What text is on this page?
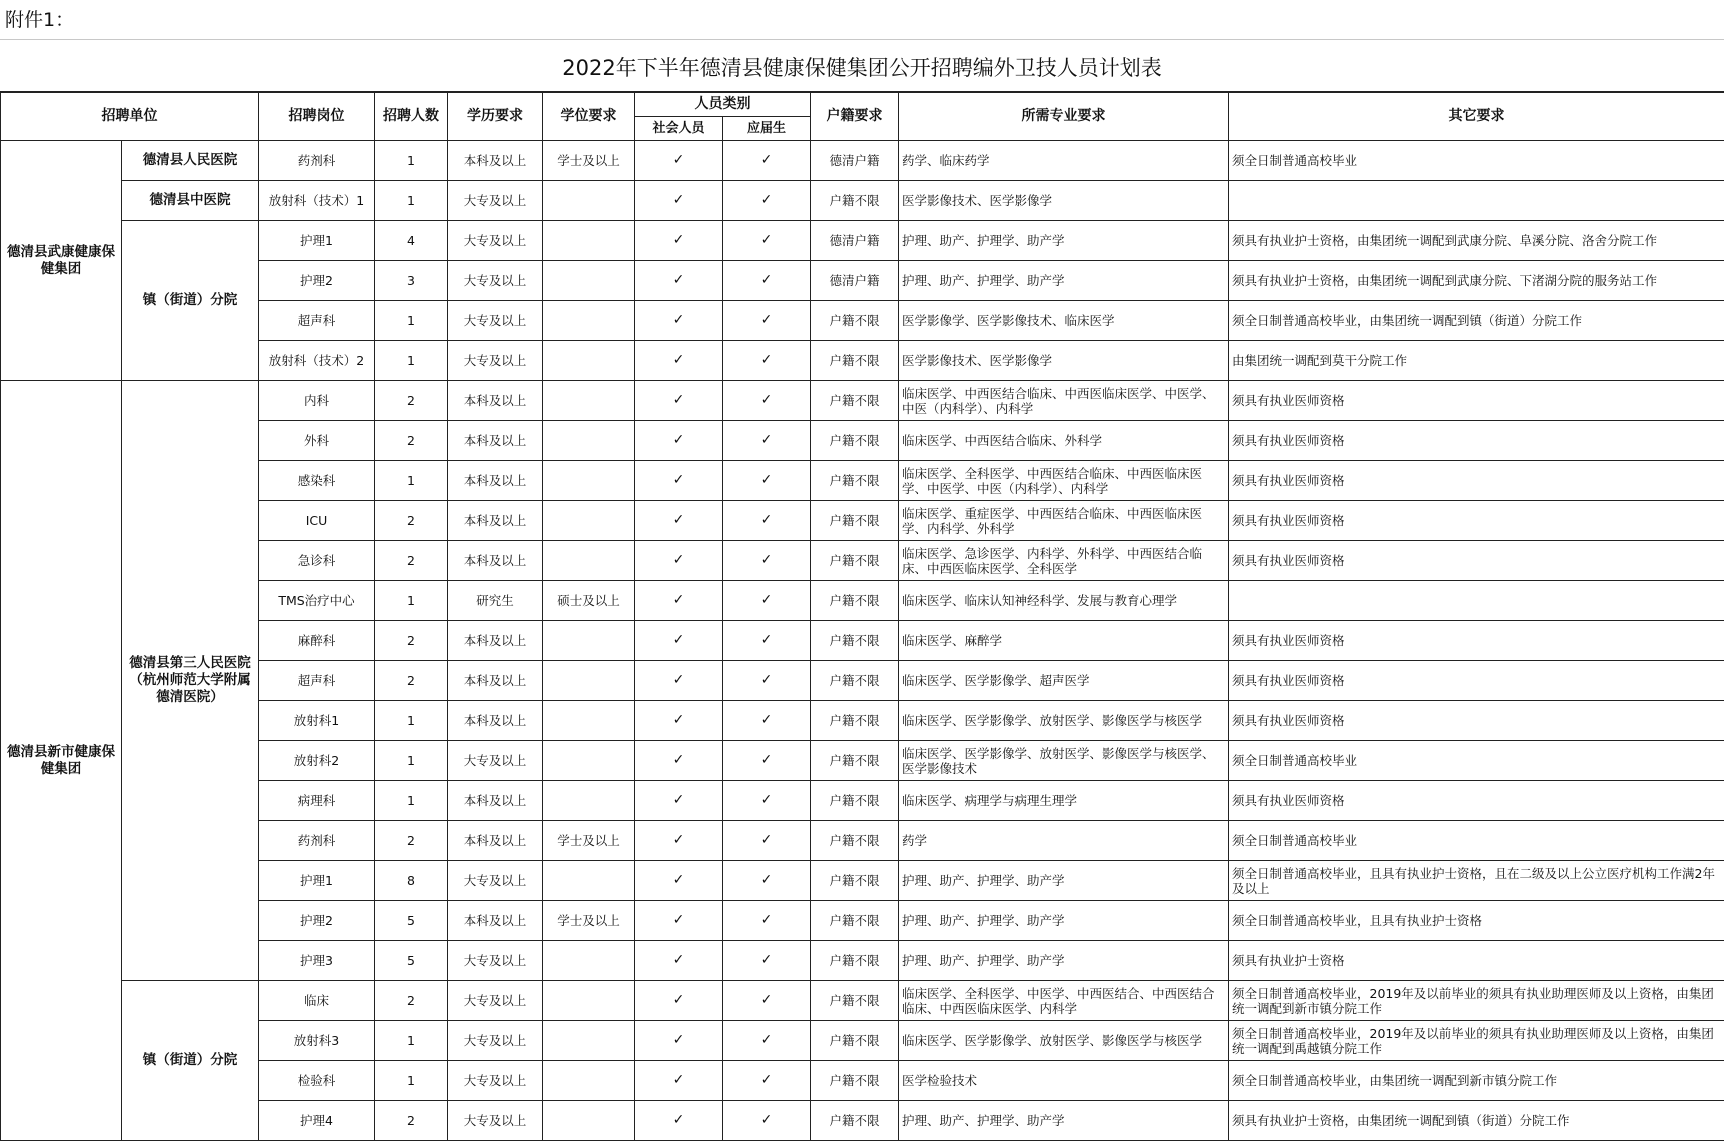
附件1：
2022年下半年德清县健康保健集团公开招聘编外卫技人员计划表
招聘单位		招聘岗位	招聘人数	学历要求	学位要求	人员类别		户籍要求	所需专业要求	其它要求
						社会人员	应届生			
德清县武康健康保健集团	德清县人民医院	药剂科	1	本科及以上	学士及以上	✓	✓	德清户籍	药学、临床药学	须全日制普通高校毕业
	德清县中医院	放射科（技术）1	1	大专及以上		✓	✓	户籍不限	医学影像技术、医学影像学	
	镇（街道）分院	护理1	4	大专及以上		✓	✓	德清户籍	护理、助产、护理学、助产学	须具有执业护士资格，由集团统一调配到武康分院、阜溪分院、洛舍分院工作
		护理2	3	大专及以上		✓	✓	德清户籍	护理、助产、护理学、助产学	须具有执业护士资格，由集团统一调配到武康分院、下渚湖分院的服务站工作
		超声科	1	大专及以上		✓	✓	户籍不限	医学影像学、医学影像技术、临床医学	须全日制普通高校毕业，由集团统一调配到镇（街道）分院工作
		放射科（技术）2	1	大专及以上		✓	✓	户籍不限	医学影像技术、医学影像学	由集团统一调配到莫干分院工作
德清县新市健康保健集团	德清县第三人民医院（杭州师范大学附属德清医院）	内科	2	本科及以上		✓	✓	户籍不限	临床医学、中西医结合临床、中西医临床医学、中医学、中医（内科学）、内科学	须具有执业医师资格
		外科	2	本科及以上		✓	✓	户籍不限	临床医学、中西医结合临床、外科学	须具有执业医师资格
		感染科	1	本科及以上		✓	✓	户籍不限	临床医学、全科医学、中西医结合临床、中西医临床医学、中医学、中医（内科学）、内科学	须具有执业医师资格
		ICU	2	本科及以上		✓	✓	户籍不限	临床医学、重症医学、中西医结合临床、中西医临床医学、内科学、外科学	须具有执业医师资格
		急诊科	2	本科及以上		✓	✓	户籍不限	临床医学、急诊医学、内科学、外科学、中西医结合临床、中西医临床医学、全科医学	须具有执业医师资格
		TMS治疗中心	1	研究生	硕士及以上	✓	✓	户籍不限	临床医学、临床认知神经科学、发展与教育心理学	
		麻醉科	2	本科及以上		✓	✓	户籍不限	临床医学、麻醉学	须具有执业医师资格
		超声科	2	本科及以上		✓	✓	户籍不限	临床医学、医学影像学、超声医学	须具有执业医师资格
		放射科1	1	本科及以上		✓	✓	户籍不限	临床医学、医学影像学、放射医学、影像医学与核医学	须具有执业医师资格
		放射科2	1	大专及以上		✓	✓	户籍不限	临床医学、医学影像学、放射医学、影像医学与核医学、医学影像技术	须全日制普通高校毕业
		病理科	1	本科及以上		✓	✓	户籍不限	临床医学、病理学与病理生理学	须具有执业医师资格
		药剂科	2	本科及以上	学士及以上	✓	✓	户籍不限	药学	须全日制普通高校毕业
		护理1	8	大专及以上		✓	✓	户籍不限	护理、助产、护理学、助产学	须全日制普通高校毕业，且具有执业护士资格，且在二级及以上公立医疗机构工作满2年及以上
		护理2	5	本科及以上	学士及以上	✓	✓	户籍不限	护理、助产、护理学、助产学	须全日制普通高校毕业，且具有执业护士资格
		护理3	5	大专及以上		✓	✓	户籍不限	护理、助产、护理学、助产学	须具有执业护士资格
	镇（街道）分院	临床	2	大专及以上		✓	✓	户籍不限	临床医学、全科医学、中医学、中西医结合、中西医结合临床、中西医临床医学、内科学	须全日制普通高校毕业，2019年及以前毕业的须具有执业助理医师及以上资格，由集团统一调配到新市镇分院工作
		放射科3	1	大专及以上		✓	✓	户籍不限	临床医学、医学影像学、放射医学、影像医学与核医学	须全日制普通高校毕业，2019年及以前毕业的须具有执业助理医师及以上资格，由集团统一调配到禹越镇分院工作
		检验科	1	大专及以上		✓	✓	户籍不限	医学检验技术	须全日制普通高校毕业，由集团统一调配到新市镇分院工作
		护理4	2	大专及以上		✓	✓	户籍不限	护理、助产、护理学、助产学	须具有执业护士资格，由集团统一调配到镇（街道）分院工作
